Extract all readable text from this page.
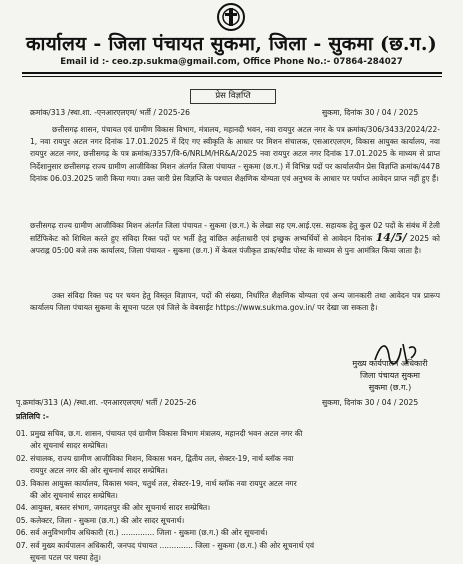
कार्यालय - जिला पंचायत सुकमा, जिला - सुकमा (छ.ग.)
Email id :- ceo.zp.sukma@gmail.com, Office Phone No.:- 07864-284027
प्रेस विज्ञप्ति
क्रमांक/313 /स्था.शा. -एनआरएलएम/ भर्ती / 2025-26	सुकमा, दिनांक 30 / 04 / 2025
छत्तीसगढ़ शासन, पंचायत एवं ग्रामीण विकास विभाग, मंत्रालय, महानदी भवन, नवा रायपुर अटल नगर के पत्र क्रमांक/306/3433/2024/22-1, नवा रायपुर अटल नगर दिनांक 17.01.2025 में दिए गए स्वीकृति के आधार पर मिशन संचालक, एसआरएलएम, विकास आयुक्त कार्यालय, नवा रायपुर अटल नगर, छत्तीसगढ़ के पत्र क्रमांक/3357/वि-6/NRLM/HR&A/2025 नवा रायपुर अटल नगर दिनांक 17.01.2025 के माध्यम से प्राप्त निर्देशानुसार छत्तीसगढ़ राज्य ग्रामीण आजीविका मिशन अंतर्गत जिला पंचायत - सुकमा (छ.ग.) में विभिन्न पदों पर कार्यालयीन प्रेस विज्ञप्ति क्रमांक/4478 दिनांक 06.03.2025 जारी किया गया। उक्त जारी प्रेस विज्ञप्ति के पश्चात शैक्षणिक योग्यता एवं अनुभव के आधार पर पर्याप्त आवेदन प्राप्त नहीं हुए हैं।
छत्तीसगढ़ राज्य ग्रामीण आजीविका मिशन अंतर्गत जिला पंचायत - सुकमा (छ.ग.) के लेखा सह एम.आई.एस. सहायक हेतु कुल 02 पदों के संबंध में टेली सर्टिफिकेट को शिथिल करते हुए संविदा रिक्त पदों पर भर्ती हेतु वांछित अर्हताधारी एवं इच्छुक अभ्यर्थियों से आवेदन दिनांक 14/5/ 2025 को अपराह्न 05:00 बजे तक कार्यालय, जिला पंचायत - सुकमा (छ.ग.) में केवल पंजीकृत डाक/स्पीड पोस्ट के माध्यम से पुनः आमंत्रित किया जाता है।
उक्त संविदा रिक्त पद पर चयन हेतु विस्तृत विज्ञापन, पदों की संख्या, निर्धारित शैक्षणिक योग्यता एवं अन्य जानकारी तथा आवेदन पत्र प्रारूप कार्यालय जिला पंचायत सुकमा के सूचना पटल एवं जिले के वेबसाईट https://www.sukma.gov.in/ पर देखा जा सकता है।
मुख्य कार्यपालन अधिकारी
जिला पंचायत सुकमा
सुकमा (छ.ग.)
पृ.क्रमांक/313 (A) /स्था.शा. -एनआरएलएम/ भर्ती / 2025-26	सुकमा, दिनांक 30 / 04 / 2025
प्रतिलिपि :-
01. प्रमुख सचिव, छ.ग. शासन, पंचायत एवं ग्रामीण विकास विभाग मंत्रालय, महानदी भवन अटल नगर की
ओर सूचनार्थ सादर सम्प्रेषित।
02. संचालक, राज्य ग्रामीण आजीविका मिशन, विकास भवन, द्वितीय तल, सेक्टर-19, नार्थ ब्लॉक नवा
रायपुर अटल नगर की ओर सूचनार्थ सादर सम्प्रेषित।
03. विकास आयुक्त कार्यालय, विकास भवन, चतुर्थ तल, सेक्टर-19, नार्थ ब्लॉक नवा रायपुर अटल नगर
की ओर सूचनार्थ सादर सम्प्रेषित।
04. आयुक्त, बस्तर संभाग, जगदलपुर की ओर सूचनार्थ सादर सम्प्रेषित।
05. कलेक्टर, जिला - सुकमा (छ.ग.) की ओर सादर सूचनार्थ।
06. सर्व अनुविभागीय अधिकारी (रा.) .............. जिला - सुकमा (छ.ग.) की ओर सूचनार्थ।
07. सर्व मुख्य कार्यपालन अधिकारी, जनपद पंचायत .............. जिला - सुकमा (छ.ग.) की ओर सूचनार्थ एवं
सूचना पटल पर चस्पा हेतु।
